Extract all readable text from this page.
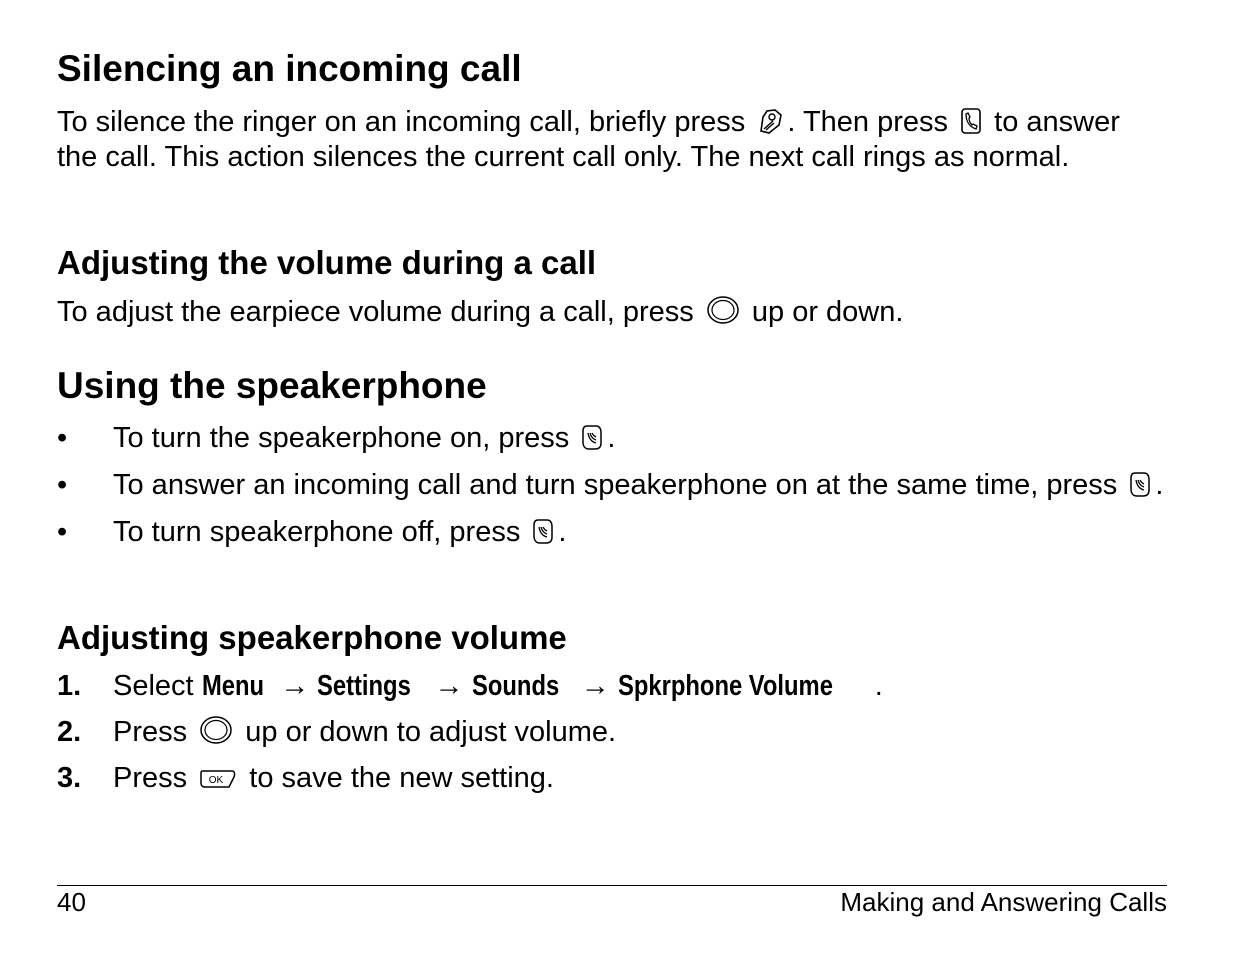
Silencing an incoming call

To silence the ringer on an incoming call, briefly press . Then press to answer the call. This action silences the current call only. The next call rings as normal.

Adjusting the volume during a call

To adjust the earpiece volume during a call, press up or down.

Using the speakerphone
• To turn the speakerphone on, press .
• To answer an incoming call and turn speakerphone on at the same time, press .
• To turn speakerphone off, press .
Adjusting speakerphone volume
1. Select Menu → Settings → Sounds → Spkrphone Volume .
2. Press up or down to adjust volume.
3. Press OK to save the new setting.
40	Making and Answering Calls
